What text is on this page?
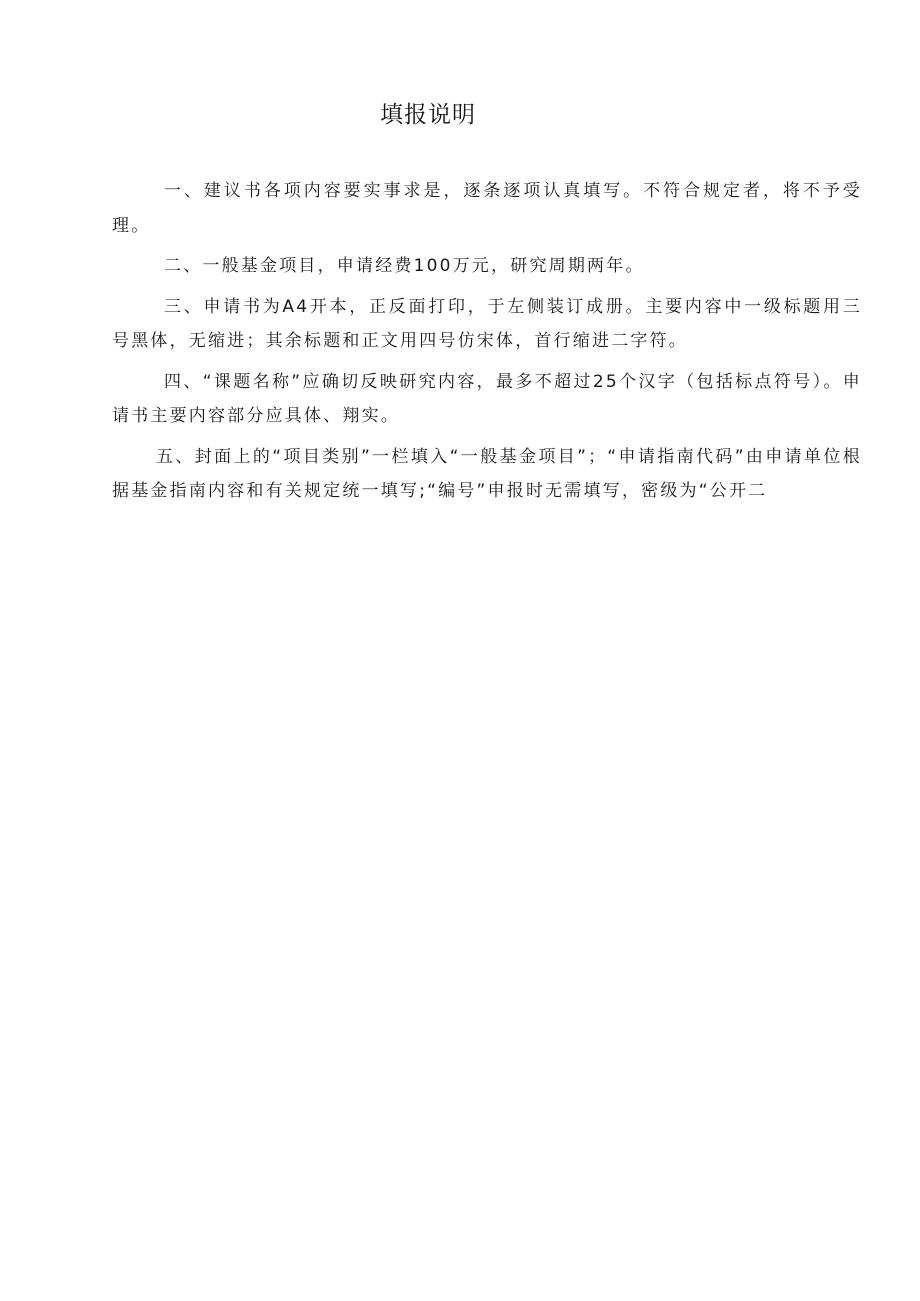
填报说明

一、建议书各项内容要实事求是，逐条逐项认真填写。不符合规定者，将不予受理。

二、一般基金项目，申请经费100万元，研究周期两年。

三、申请书为A4开本，正反面打印，于左侧装订成册。主要内容中一级标题用三号黑体，无缩进；其余标题和正文用四号仿宋体，首行缩进二字符。

四、“课题名称”应确切反映研究内容，最多不超过25个汉字（包括标点符号）。申请书主要内容部分应具体、翔实。

五、封面上的“项目类别”一栏填入“一般基金项目”；“申请指南代码”由申请单位根据基金指南内容和有关规定统一填写;“编号”申报时无需填写，密级为“公开二
